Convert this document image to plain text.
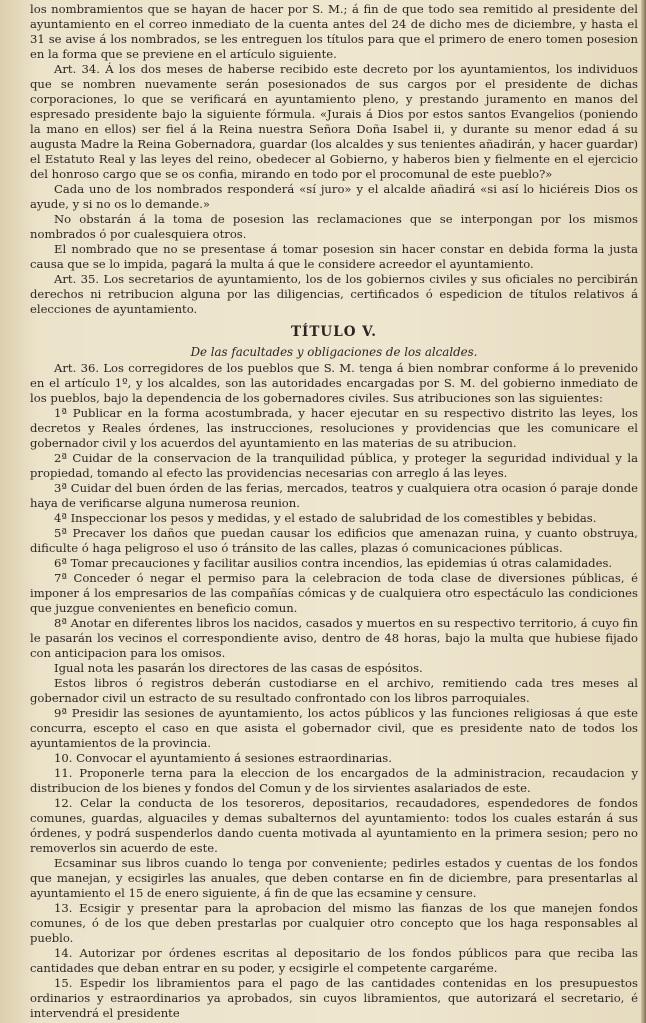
los nombramientos que se hayan de hacer por S. M.; á fin de que todo sea remitido al presidente del ayuntamiento en el correo inmediato de la cuenta antes del 24 de dicho mes de diciembre, y hasta el 31 se avise á los nombrados, se les entreguen los títulos para que el primero de enero tomen posesion en la forma que se previene en el artículo siguiente.

Art. 34. Á los dos meses de haberse recibido este decreto por los ayuntamientos, los individuos que se nombren nuevamente serán posesionados de sus cargos por el presidente de dichas corporaciones, lo que se verificará en ayuntamiento pleno, y prestando juramento en manos del espresado presidente bajo la siguiente fórmula. «Jurais á Dios por estos santos Evangelios (poniendo la mano en ellos) ser fiel á la Reina nuestra Señora Doña Isabel ii, y durante su menor edad á su augusta Madre la Reina Gobernadora, guardar (los alcaldes y sus tenientes añadirán, y hacer guardar) el Estatuto Real y las leyes del reino, obedecer al Gobierno, y haberos bien y fielmente en el ejercicio del honroso cargo que se os confia, mirando en todo por el procomunal de este pueblo?»

Cada uno de los nombrados responderá «sí juro» y el alcalde añadirá «si así lo hiciéreis Dios os ayude, y si no os lo demande.»

No obstarán á la toma de posesion las reclamaciones que se interpongan por los mismos nombrados ó por cualesquiera otros.

El nombrado que no se presentase á tomar posesion sin hacer constar en debida forma la justa causa que se lo impida, pagará la multa á que le considere acreedor el ayuntamiento.

Art. 35. Los secretarios de ayuntamiento, los de los gobiernos civiles y sus oficiales no percibirán derechos ni retribucion alguna por las diligencias, certificados ó espedicion de títulos relativos á elecciones de ayuntamiento.

TÍTULO V.

De las facultades y obligaciones de los alcaldes.

Art. 36. Los corregidores de los pueblos que S. M. tenga á bien nombrar conforme á lo prevenido en el artículo 1º, y los alcaldes, son las autoridades encargadas por S. M. del gobierno inmediato de los pueblos, bajo la dependencia de los gobernadores civiles. Sus atribuciones son las siguientes:

1ª Publicar en la forma acostumbrada, y hacer ejecutar en su respectivo distrito las leyes, los decretos y Reales órdenes, las instrucciones, resoluciones y providencias que les comunicare el gobernador civil y los acuerdos del ayuntamiento en las materias de su atribucion.

2ª Cuidar de la conservacion de la tranquilidad pública, y proteger la seguridad individual y la propiedad, tomando al efecto las providencias necesarias con arreglo á las leyes.

3ª Cuidar del buen órden de las ferias, mercados, teatros y cualquiera otra ocasion ó paraje donde haya de verificarse alguna numerosa reunion.

4ª Inspeccionar los pesos y medidas, y el estado de salubridad de los comestibles y bebidas.

5ª Precaver los daños que puedan causar los edificios que amenazan ruina, y cuanto obstruya, dificulte ó haga peligroso el uso ó tránsito de las calles, plazas ó comunicaciones públicas.

6ª Tomar precauciones y facilitar ausilios contra incendios, las epidemias ú otras calamidades.

7ª Conceder ó negar el permiso para la celebracion de toda clase de diversiones públicas, é imponer á los empresarios de las compañías cómicas y de cualquiera otro espectáculo las condiciones que juzgue convenientes en beneficio comun.

8ª Anotar en diferentes libros los nacidos, casados y muertos en su respectivo territorio, á cuyo fin le pasarán los vecinos el correspondiente aviso, dentro de 48 horas, bajo la multa que hubiese fijado con anticipacion para los omisos.

Igual nota les pasarán los directores de las casas de espósitos.

Estos libros ó registros deberán custodiarse en el archivo, remitiendo cada tres meses al gobernador civil un estracto de su resultado confrontado con los libros parroquiales.

9ª Presidir las sesiones de ayuntamiento, los actos públicos y las funciones religiosas á que este concurra, escepto el caso en que asista el gobernador civil, que es presidente nato de todos los ayuntamientos de la provincia.

10. Convocar el ayuntamiento á sesiones estraordinarias.

11. Proponerle terna para la eleccion de los encargados de la administracion, recaudacion y distribucion de los bienes y fondos del Comun y de los sirvientes asalariados de este.

12. Celar la conducta de los tesoreros, depositarios, recaudadores, espendedores de fondos comunes, guardas, alguaciles y demas subalternos del ayuntamiento: todos los cuales estarán á sus órdenes, y podrá suspenderlos dando cuenta motivada al ayuntamiento en la primera sesion; pero no removerlos sin acuerdo de este.

Ecsaminar sus libros cuando lo tenga por conveniente; pedirles estados y cuentas de los fondos que manejan, y ecsigirles las anuales, que deben contarse en fin de diciembre, para presentarlas al ayuntamiento el 15 de enero siguiente, á fin de que las ecsamine y censure.

13. Ecsigir y presentar para la aprobacion del mismo las fianzas de los que manejen fondos comunes, ó de los que deben prestarlas por cualquier otro concepto que los haga responsables al pueblo.

14. Autorizar por órdenes escritas al depositario de los fondos públicos para que reciba las cantidades que deban entrar en su poder, y ecsigirle el competente cargaréme.

15. Espedir los libramientos para el pago de las cantidades contenidas en los presupuestos ordinarios y estraordinarios ya aprobados, sin cuyos libramientos, que autorizará el secretario, é intervendrá el presidente
